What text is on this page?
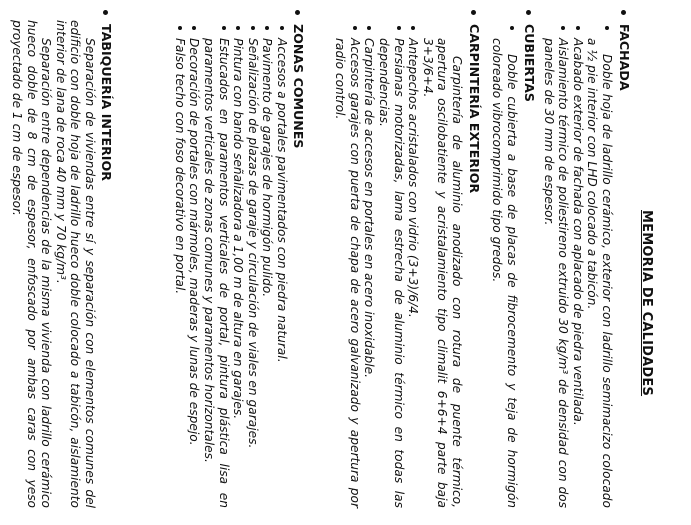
MEMORIA DE CALIDADES
FACHADA

Doble hoja de ladrillo cerámico, exterior con ladrillo semimacizo colocado a ½ pie interior con LHD colocado a tabicón.

Acabado exterior de fachada con aplacado de piedra ventilada.

Aislamiento térmico de poliestireno extruido 30 kg/m³ de densidad con dos paneles de 30 mm de espesor.

CUBIERTAS

Doble cubierta a base de placas de fibrocemento y teja de hormigón coloreado vibrocomprimido tipo gredos.

CARPINTERÍA EXTERIOR

Carpintería de aluminio anodizado con rotura de puente térmico, apertura oscilobatiente y acristalamiento tipo climalit 6+6+4 parte baja 3+3/6+4.

Antepechos acristalados con vidrio (3+3)/6/4.

Persianas motorizadas, lama estrecha de aluminio térmico en todas las dependencias.

Carpintería de accesos en portales en acero inoxidable.

Accesos garajes con puerta de chapa de acero galvanizado y apertura por radio control.

ZONAS COMUNES

Accesos a portales pavimentados con piedra natural.

Pavimento de garajes de hormigón pulido.

Señalización de plazas de garaje y circulación de viales en garajes.

Pintura con bando señalizadora a 1,00 m de altura en garajes.

Estucados en paramentos verticales de portal, pintura plástica lisa en paramentos verticales de zonas comunes y paramentos horizontales.

Decoración de portales con mármoles, maderas y lunas de espejo.

Falso techo con foso decorativo en portal.

TABIQUERÍA INTERIOR

Separación de viviendas entre sí y separación con elementos comunes del edificio con doble hoja de ladrillo hueco doble colocado a tabicón, aislamiento interior de lana de roca 40 mm y 70 kg/m³.

Separación entre dependencias de la misma vivienda con ladrillo cerámico hueco doble de 8 cm de espesor, enfoscado por ambas caras con yeso proyectado de 1 cm de espesor.
